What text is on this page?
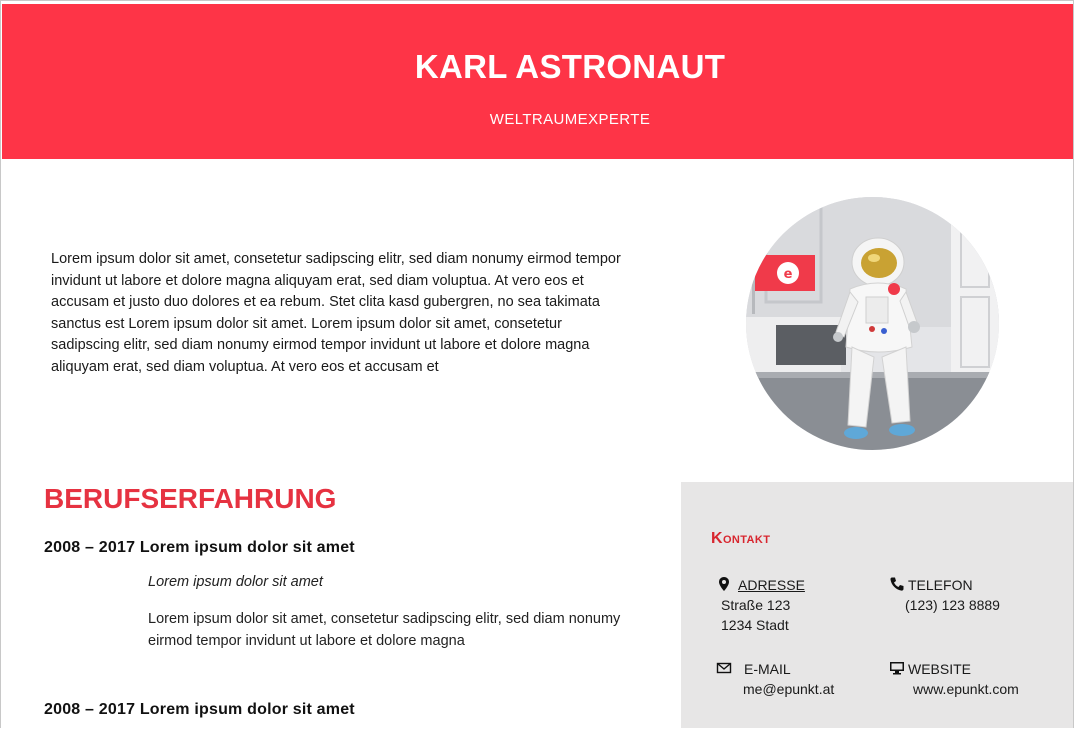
KARL ASTRONAUT
WELTRAUMEXPERTE
Lorem ipsum dolor sit amet, consetetur sadipscing elitr, sed diam nonumy eirmod tempor invidunt ut labore et dolore magna aliquyam erat, sed diam voluptua. At vero eos et accusam et justo duo dolores et ea rebum. Stet clita kasd gubergren, no sea takimata sanctus est Lorem ipsum dolor sit amet. Lorem ipsum dolor sit amet, consetetur sadipscing elitr, sed diam nonumy eirmod tempor invidunt ut labore et dolore magna aliquyam erat, sed diam voluptua. At vero eos et accusam et
e
BERUFSERFAHRUNG
2008 – 2017 Lorem ipsum dolor sit amet
Lorem ipsum dolor sit amet
Lorem ipsum dolor sit amet, consetetur sadipscing elitr, sed diam nonumy eirmod tempor invidunt ut labore et dolore magna
2008 – 2017 Lorem ipsum dolor sit amet
Kontakt
ADRESSE
Straße 123
1234 Stadt
TELEFON
(123) 123 8889
E-MAIL
me@epunkt.at
WEBSITE
www.epunkt.com
